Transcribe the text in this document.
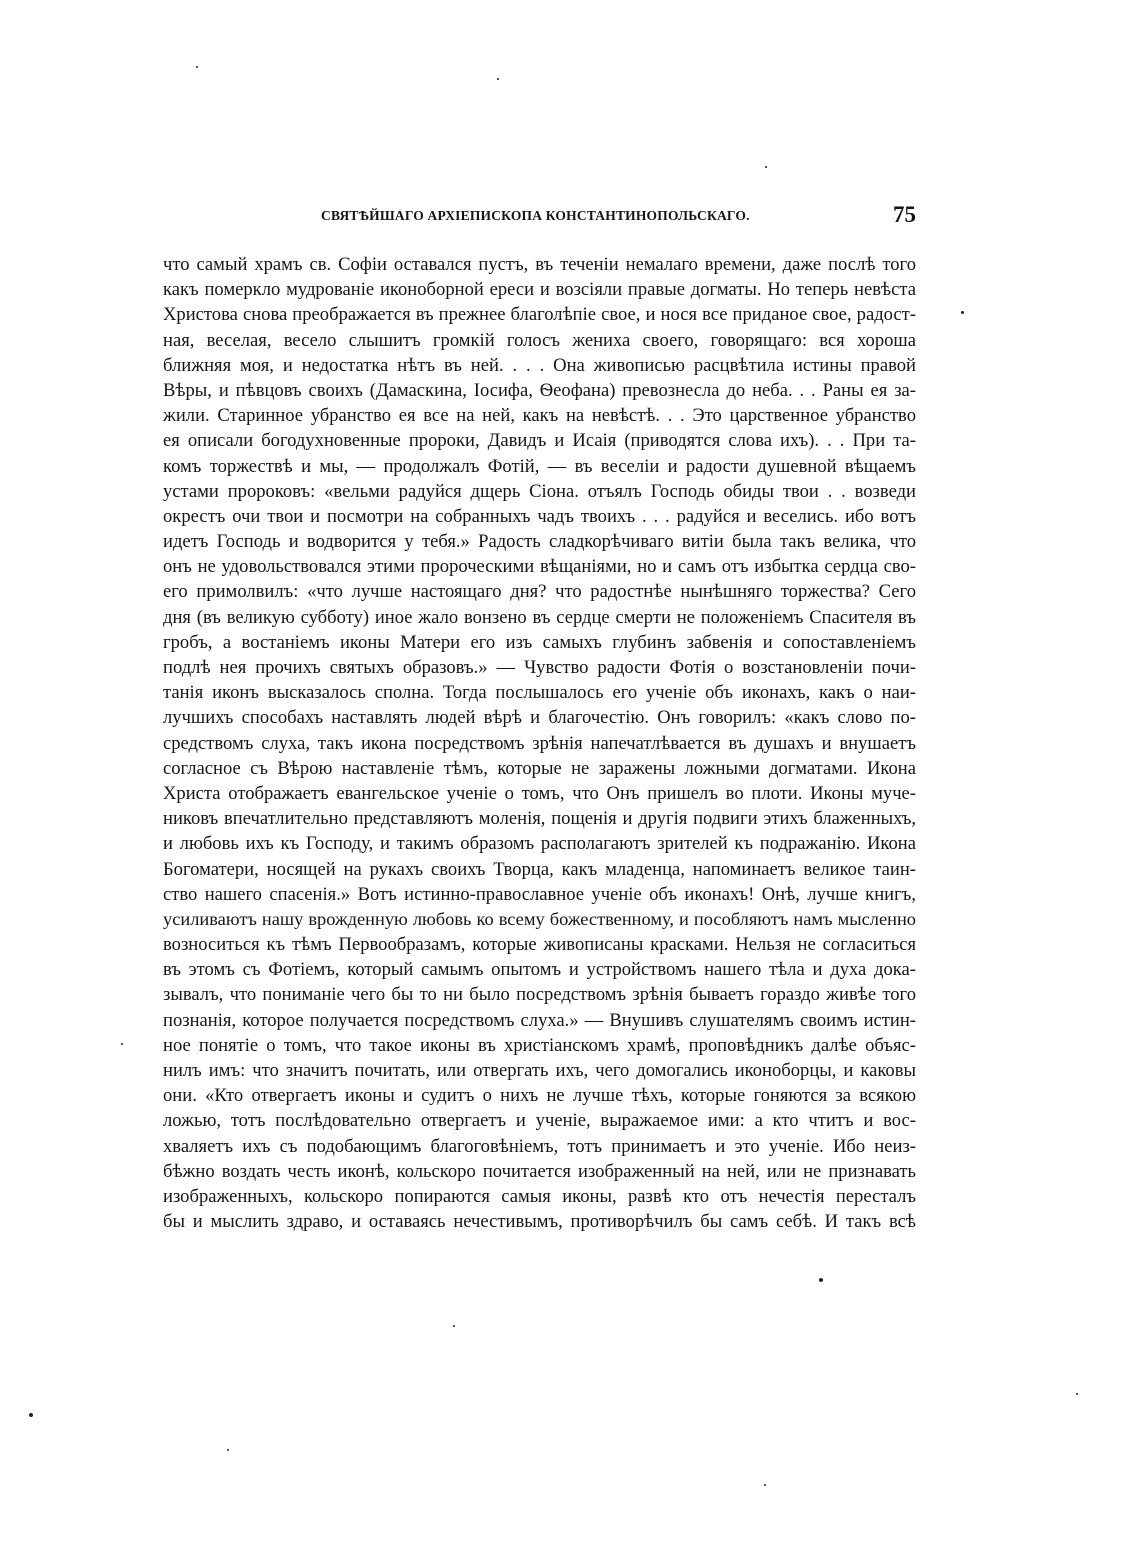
СВЯТѢЙШАГО АРХІЕПИСКОПА КОНСТАНТИНОПОЛЬСКАГО.	75
что самый храмъ св. Софіи оставался пустъ, въ теченіи немалаго времени, даже послѣ того
какъ померкло мудрованіе иконоборной ереси и возсіяли правые догматы. Но теперь невѣста
Христова снова преображается въ прежнее благолѣпіе свое, и нося все приданое свое, радост-
ная, веселая, весело слышитъ громкій голосъ жениха своего, говорящаго: вся хороша
ближняя моя, и недостатка нѣтъ въ ней. . . . Она живописью расцвѣтила истины правой
Вѣры, и пѣвцовъ своихъ (Дамаскина, Іосифа, Ѳеофана) превознесла до неба. . . Раны ея за-
жили. Старинное убранство ея все на ней, какъ на невѣстѣ. . . Это царственное убранство
ея описали богодухновенные пророки, Давидъ и Исаія (приводятся слова ихъ). . . При та-
комъ торжествѣ и мы, — продолжалъ Фотій, — въ веселіи и радости душевной вѣщаемъ
устами пророковъ: «вельми радуйся дщерь Сіона. отъялъ Господь обиды твои . . возведи
окрестъ очи твои и посмотри на собранныхъ чадъ твоихъ . . . радуйся и веселись. ибо вотъ
идетъ Господь и водворится у тебя.» Радость сладкорѣчиваго витіи была такъ велика, что
онъ не удовольствовался этими пророческими вѣщаніями, но и самъ отъ избытка сердца сво-
его примолвилъ: «что лучше настоящаго дня? что радостнѣе нынѣшняго торжества? Сего
дня (въ великую субботу) иное жало вонзено въ сердце смерти не положеніемъ Спасителя въ
гробъ, а востаніемъ иконы Матери его изъ самыхъ глубинъ забвенія и сопоставленіемъ
подлѣ нея прочихъ святыхъ образовъ.» — Чувство радости Фотія о возстановленіи почи-
танія иконъ высказалось сполна. Тогда послышалось его ученіе объ иконахъ, какъ о наи-
лучшихъ способахъ наставлять людей вѣрѣ и благочестію. Онъ говорилъ: «какъ слово по-
средствомъ слуха, такъ икона посредствомъ зрѣнія напечатлѣвается въ душахъ и внушаетъ
согласное съ Вѣрою наставленіе тѣмъ, которые не заражены ложными догматами. Икона
Христа отображаетъ евангельское ученіе о томъ, что Онъ пришелъ во плоти. Иконы муче-
никовъ впечатлительно представляютъ моленія, пощенія и другія подвиги этихъ блаженныхъ,
и любовь ихъ къ Господу, и такимъ образомъ располагаютъ зрителей къ подражанію. Икона
Богоматери, носящей на рукахъ своихъ Творца, какъ младенца, напоминаетъ великое таин-
ство нашего спасенія.» Вотъ истинно-православное ученіе объ иконахъ! Онѣ, лучше книгъ,
усиливаютъ нашу врожденную любовь ко всему божественному, и пособляютъ намъ мысленно
возноситься къ тѣмъ Первообразамъ, которые живописаны красками. Нельзя не согласиться
въ этомъ съ Фотіемъ, который самымъ опытомъ и устройствомъ нашего тѣла и духа дока-
зывалъ, что пониманіе чего бы то ни было посредствомъ зрѣнія бываетъ гораздо живѣе того
познанія, которое получается посредствомъ слуха.» — Внушивъ слушателямъ своимъ истин-
ное понятіе о томъ, что такое иконы въ христіанскомъ храмѣ, проповѣдникъ далѣе объяс-
нилъ имъ: что значитъ почитать, или отвергать ихъ, чего домогались иконоборцы, и каковы
они. «Кто отвергаетъ иконы и судитъ о нихъ не лучше тѣхъ, которые гоняются за всякою
ложью, тотъ послѣдовательно отвергаетъ и ученіе, выражаемое ими: а кто чтитъ и вос-
хваляетъ ихъ съ подобающимъ благоговѣніемъ, тотъ принимаетъ и это ученіе. Ибо неиз-
бѣжно воздать честь иконѣ, кольскоро почитается изображенный на ней, или не признавать
изображенныхъ, кольскоро попираются самыя иконы, развѣ кто отъ нечестія пересталъ
бы и мыслить здраво, и оставаясь нечестивымъ, противорѣчилъ бы самъ себѣ. И такъ всѣ
